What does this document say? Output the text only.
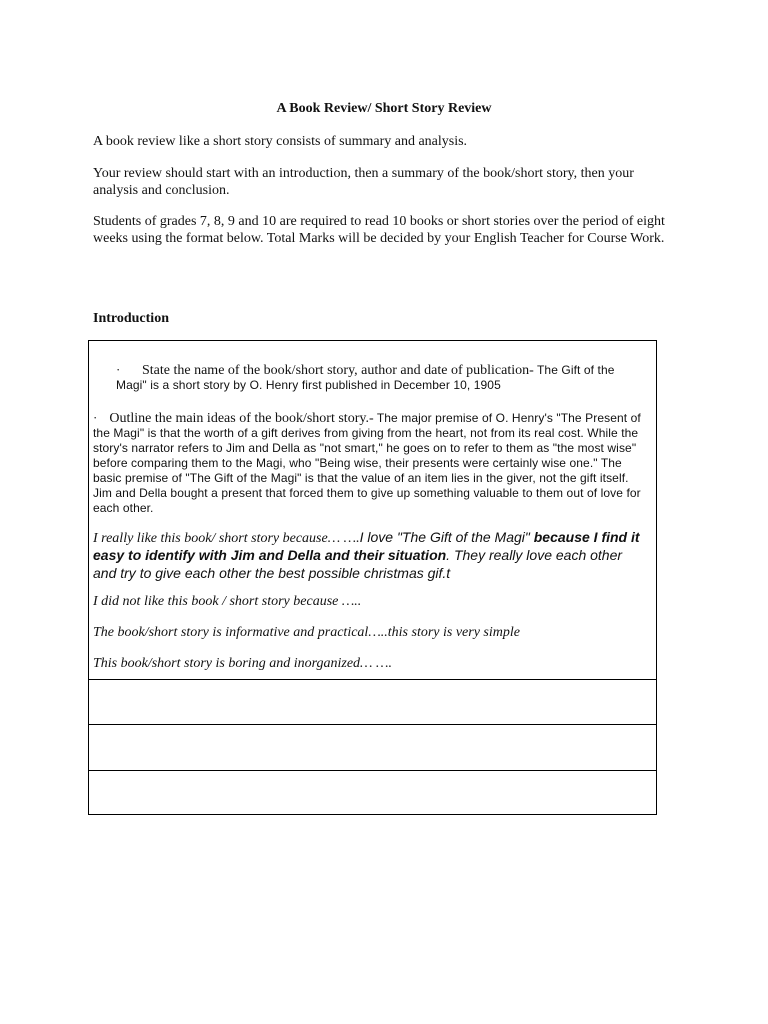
A Book Review/ Short Story Review
A book review like a short story consists of summary and analysis.
Your review should start with an introduction, then a summary of the book/short story, then your analysis and conclusion.
Students of grades 7, 8, 9 and 10 are required to read 10 books or short stories over the period of eight weeks using the format below. Total Marks will be decided by your English Teacher for Course Work.
Introduction
· State the name of the book/short story, author and date of publication- The Gift of the Magi" is a short story by O. Henry first published in December 10, 1905
· Outline the main ideas of the book/short story.- The major premise of O. Henry's "The Present of the Magi" is that the worth of a gift derives from giving from the heart, not from its real cost. While the story's narrator refers to Jim and Della as "not smart," he goes on to refer to them as "the most wise" before comparing them to the Magi, who "Being wise, their presents were certainly wise one." The basic premise of "The Gift of the Magi" is that the value of an item lies in the giver, not the gift itself. Jim and Della bought a present that forced them to give up something valuable to them out of love for each other.
I really like this book/ short story because… ….I love "The Gift of the Magi" because I find it easy to identify with Jim and Della and their situation. They really love each other and try to give each other the best possible christmas gif.t
I did not like this book / short story because …..
The book/short story is informative and practical…..this story is very simple
This book/short story is boring and inorganized… ….
